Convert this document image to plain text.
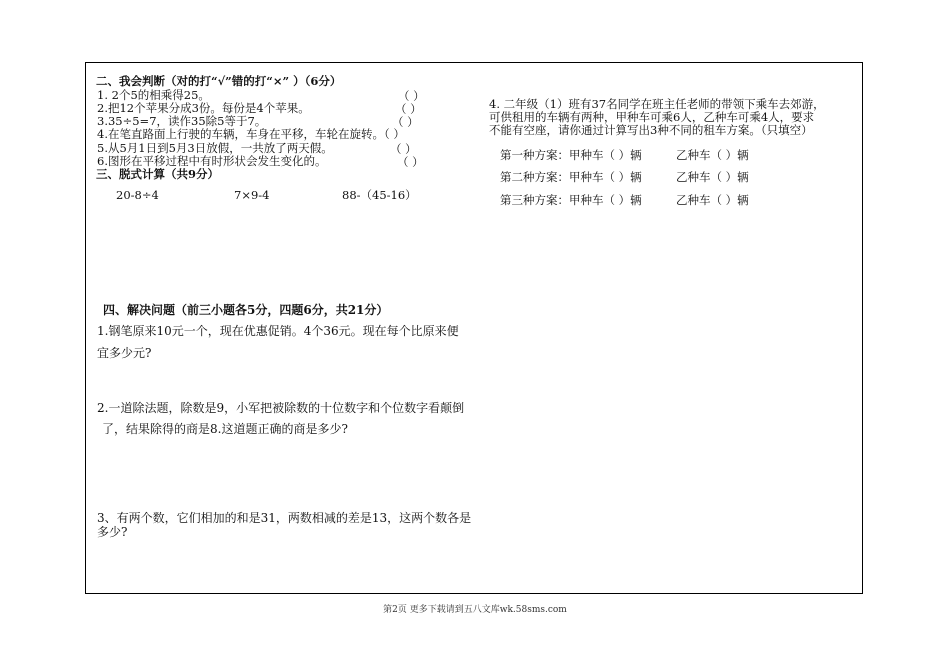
二、我会判断（对的打“√”错的打“×” ）（6分）
1. 2个5的相乘得25。	（ ）
2.把12个苹果分成3份。每份是4个苹果。	（ ）
3.35÷5=7，读作35除5等于7。	（ ）
4.在笔直路面上行驶的车辆，车身在平移，车轮在旋转。（ ）
5.从5月1日到5月3日放假，一共放了两天假。	（ ）
6.图形在平移过程中有时形状会发生变化的。	（ ）
三、脱式计算（共9分）
20-8÷4	7×9-4	88-（45-16）
四、解决问题（前三小题各5分，四题6分，共21分）
1.钢笔原来10元一个，现在优惠促销。4个36元。现在每个比原来便
宜多少元?
2.一道除法题，除数是9，小军把被除数的十位数字和个位数字看颠倒
了，结果除得的商是8.这道题正确的商是多少?
3、有两个数，它们相加的和是31，两数相减的差是13，这两个数各是
多少?
4. 二年级（1）班有37名同学在班主任老师的带领下乘车去郊游，
可供租用的车辆有两种，甲种车可乘6人，乙种车可乘4人，要求
不能有空座，请你通过计算写出3种不同的租车方案。（只填空）
第一种方案：甲种车（ ）辆	乙种车（ ）辆
第二种方案：甲种车（ ）辆	乙种车（ ）辆
第三种方案：甲种车（ ）辆	乙种车（ ）辆
第2页 更多下载请到五八文库wk.58sms.com
